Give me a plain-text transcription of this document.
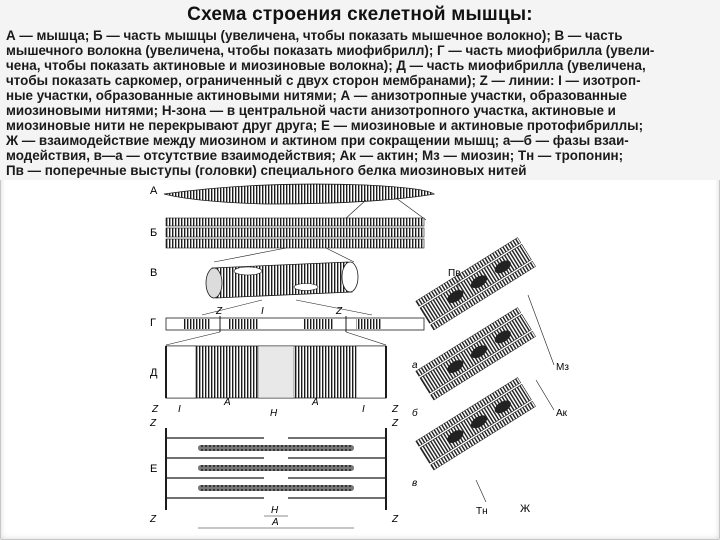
Схема строения скелетной мышцы:

А — мышца; Б — часть мышцы (увеличена, чтобы показать мышечное волокно); В — часть

мышечного волокна (увеличена, чтобы показать миофибрилл); Г — часть миофибрилла (увели-

чена, чтобы показать актиновые и миозиновые волокна); Д — часть миофибрилла (увеличена,

чтобы показать саркомер, ограниченный с двух сторон мембранами); Z — линии: I — изотроп-

ные участки, образованные актиновыми нитями; А — анизотропные участки, образованные

миозиновыми нитями; Н-зона — в центральной части анизотропного участка, актиновые и

миозиновые нити не перекрывают друг друга; Е — миозиновые и актиновые протофибриллы;

Ж — взаимодействие между миозином и актином при сокращении мышц; а—б — фазы взаи-

модействия, в—а — отсутствие взаимодействия; Ак — актин; Мз — миозин; Тн — тропонин;

Пв — поперечные выступы (головки) специального белка миозиновых нитей

А
Б
В
Г
Z	I	Z
Д
Z	Z
I
A
H
A
I
Е
Z	Z
Z	Z
H
A
Пв
Мз
Ак
Тн	Ж
а
б
в
